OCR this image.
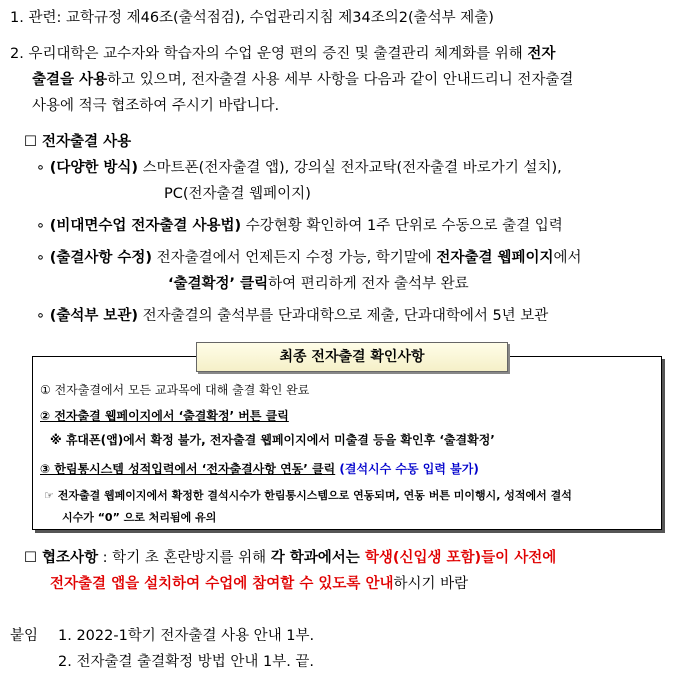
1. 관련: 교학규정 제46조(출석점검), 수업관리지침 제34조의2(출석부 제출)
2. 우리대학은 교수자와 학습자의 수업 운영 편의 증진 및 출결관리 체계화를 위해 전자
출결을 사용하고 있으며, 전자출결 사용 세부 사항을 다음과 같이 안내드리니 전자출결
사용에 적극 협조하여 주시기 바랍니다.
☐ 전자출결 사용
∘ (다양한 방식) 스마트폰(전자출결 앱), 강의실 전자교탁(전자출결 바로가기 설치),
PC(전자출결 웹페이지)
∘ (비대면수업 전자출결 사용법) 수강현황 확인하여 1주 단위로 수동으로 출결 입력
∘ (출결사항 수정) 전자출결에서 언제든지 수정 가능, 학기말에 전자출결 웹페이지에서
‘출결확정’ 클릭하여 편리하게 전자 출석부 완료
∘ (출석부 보관) 전자출결의 출석부를 단과대학으로 제출, 단과대학에서 5년 보관
최종 전자출결 확인사항
① 전자출결에서 모든 교과목에 대해 출결 확인 완료
② 전자출결 웹페이지에서 ‘출결확정’ 버튼 클릭
※ 휴대폰(앱)에서 확정 불가, 전자출결 웹페이지에서 미출결 등을 확인후 ‘출결확정’
③ 한림통시스템 성적입력에서 ‘전자출결사항 연동’ 클릭 (결석시수 수동 입력 불가)
☞ 전자출결 웹페이지에서 확정한 결석시수가 한림통시스템으로 연동되며, 연동 버튼 미이행시, 성적에서 결석
시수가 “0” 으로 처리됨에 유의
☐ 협조사항 : 학기 초 혼란방지를 위해 각 학과에서는 학생(신입생 포함)들이 사전에
전자출결 앱을 설치하여 수업에 참여할 수 있도록 안내하시기 바람
붙임 1. 2022-1학기 전자출결 사용 안내 1부.
2. 전자출결 출결확정 방법 안내 1부. 끝.
